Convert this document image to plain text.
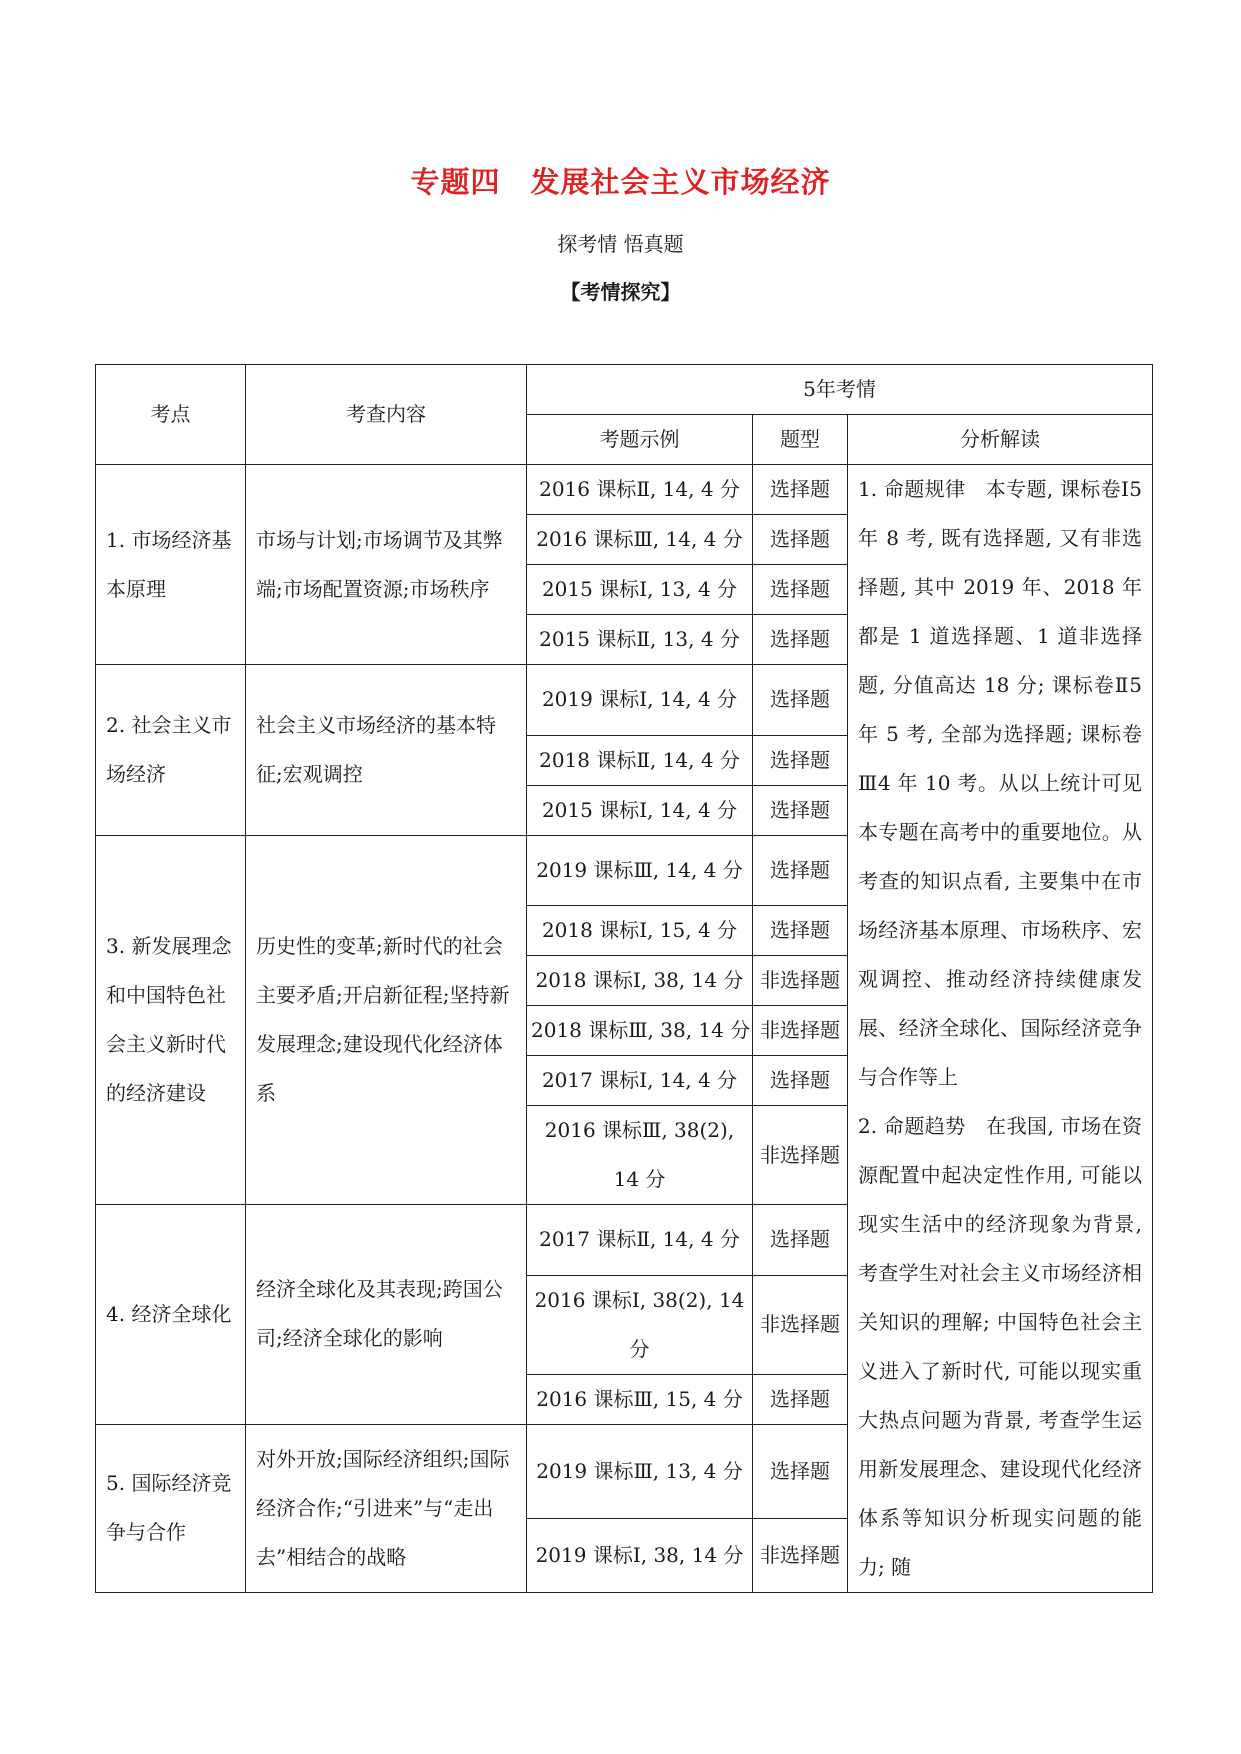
专题四　发展社会主义市场经济
探考情 悟真题
【考情探究】
考点	考查内容	5年考情		
		考题示例	题型	分析解读
1. 市场经济基本原理	市场与计划;市场调节及其弊端;市场配置资源;市场秩序	2016 课标Ⅱ, 14, 4 分	选择题	1. 命题规律　本专题, 课标卷Ⅰ5 年 8 考, 既有选择题, 又有非选择题, 其中 2019 年、2018 年都是 1 道选择题、1 道非选择题, 分值高达 18 分; 课标卷Ⅱ5 年 5 考, 全部为选择题; 课标卷Ⅲ4 年 10 考。从以上统计可见本专题在高考中的重要地位。从考查的知识点看, 主要集中在市场经济基本原理、市场秩序、宏观调控、推动经济持续健康发展、经济全球化、国际经济竞争与合作等上

2. 命题趋势　在我国, 市场在资源配置中起决定性作用, 可能以现实生活中的经济现象为背景, 考查学生对社会主义市场经济相关知识的理解; 中国特色社会主义进入了新时代, 可能以现实重大热点问题为背景, 考查学生运用新发展理念、建设现代化经济体系等知识分析现实问题的能力; 随

		2016 课标Ⅲ, 14, 4 分	选择题	
		2015 课标Ⅰ, 13, 4 分	选择题	
		2015 课标Ⅱ, 13, 4 分	选择题	
2. 社会主义市场经济	社会主义市场经济的基本特征;宏观调控	2019 课标Ⅰ, 14, 4 分	选择题	
		2018 课标Ⅱ, 14, 4 分	选择题	
		2015 课标Ⅰ, 14, 4 分	选择题	
3. 新发展理念和中国特色社会主义新时代的经济建设	历史性的变革;新时代的社会主要矛盾;开启新征程;坚持新发展理念;建设现代化经济体系	2019 课标Ⅲ, 14, 4 分	选择题	
		2018 课标Ⅰ, 15, 4 分	选择题	
		2018 课标Ⅰ, 38, 14 分	非选择题	
		2018 课标Ⅲ, 38, 14 分	非选择题	
		2017 课标Ⅰ, 14, 4 分	选择题	
		2016 课标Ⅲ, 38(2), 14 分	非选择题	
4. 经济全球化	经济全球化及其表现;跨国公司;经济全球化的影响	2017 课标Ⅱ, 14, 4 分	选择题	
		2016 课标Ⅰ, 38(2), 14 分	非选择题	
		2016 课标Ⅲ, 15, 4 分	选择题	
5. 国际经济竞争与合作	对外开放;国际经济组织;国际经济合作;“引进来”与“走出去”相结合的战略	2019 课标Ⅲ, 13, 4 分	选择题	
		2019 课标Ⅰ, 38, 14 分	非选择题	
